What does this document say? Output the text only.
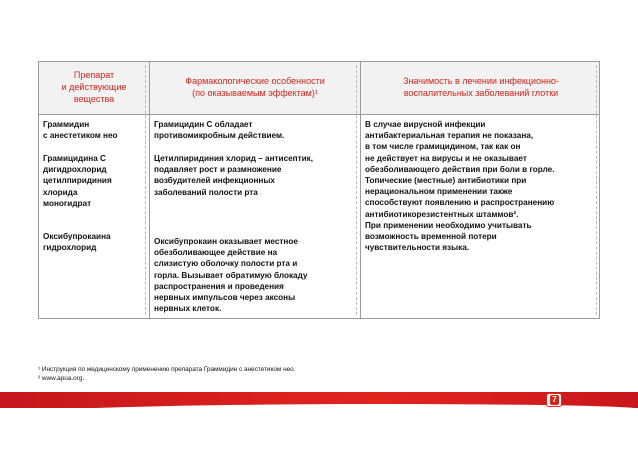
Препарат
и действующие
вещества
Фармакологические особенности
(по оказываемым эффектам)¹
Значимость в лечении инфекционно-
воспалительных заболеваний глотки
Граммидин
с анестетиком нео
Грамицидина С
дигидрохлорид
цетилпиридиния
хлорида
моногидрат
Оксибупрокаина
гидрохлорид
Грамицидин С обладает
противомикробным действием.
Цетилпиридиния хлорид – антисептик,
подавляет рост и размножение
возбудителей инфекционных
заболеваний полости рта
Оксибупрокаин оказывает местное
обезболивающее действие на
слизистую оболочку полости рта и
горла. Вызывает обратимую блокаду
распространения и проведения
нервных импульсов через аксоны
нервных клеток.
В случае вирусной инфекции
антибактериальная терапия не показана,
в том числе грамицидином, так как он
не действует на вирусы и не оказывает
обезболивающего действия при боли в горле.
Топические (местные) антибиотики при
нерациональном применении также
способствуют появлению и распространению
антибиотикорезистентных штаммов².
При применении необходимо учитывать
возможность временной потери
чувствительности языка.
¹ Инструкция по медицинскому применению препарата Граммидин с анестетиком нео.
² www.apua.org.
7
